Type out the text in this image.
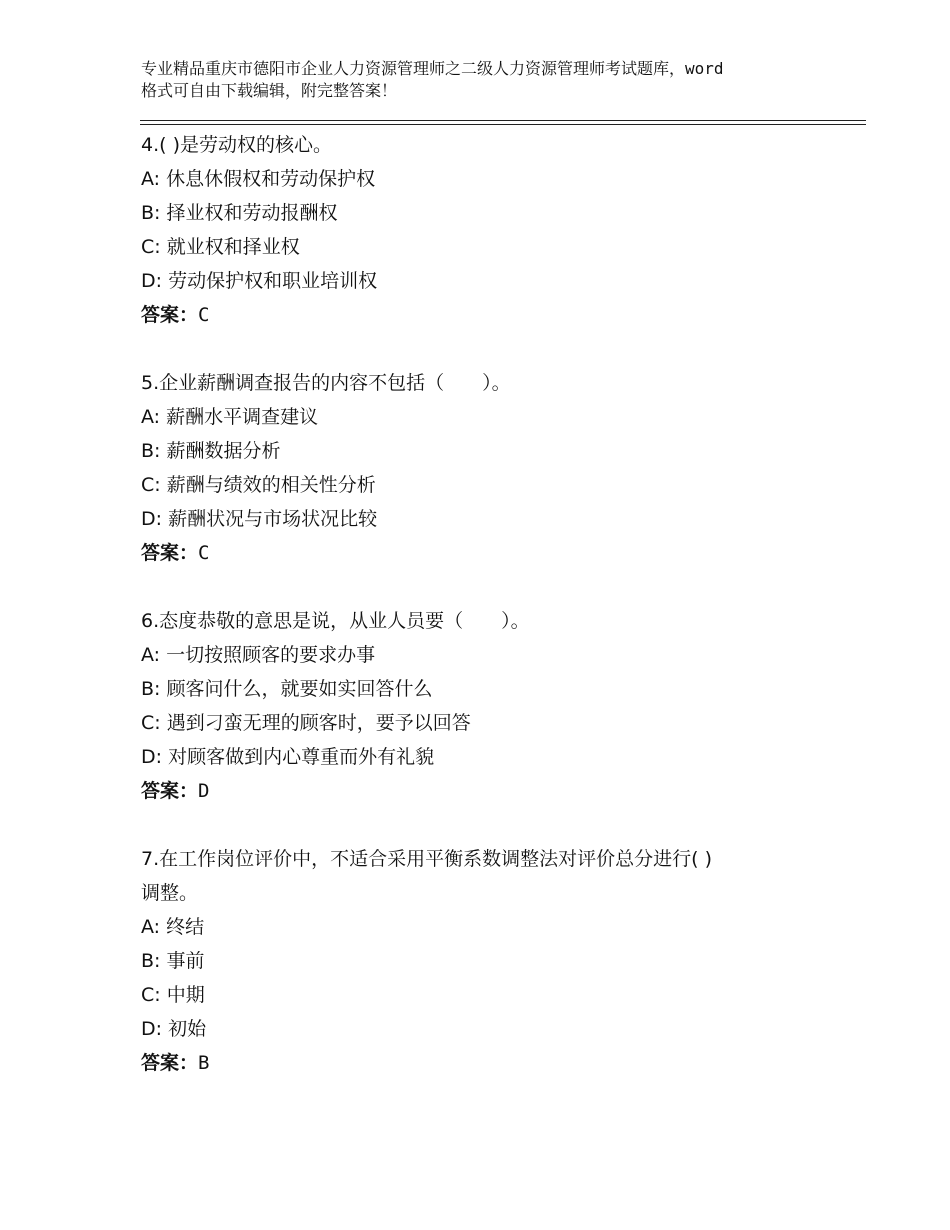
专业精品重庆市德阳市企业人力资源管理师之二级人力资源管理师考试题库，word
格式可自由下载编辑，附完整答案！
4.( )是劳动权的核心。
A: 休息休假权和劳动保护权
B: 择业权和劳动报酬权
C: 就业权和择业权
D: 劳动保护权和职业培训权
答案：C
5.企业薪酬调查报告的内容不包括（　　）。
A: 薪酬水平调查建议
B: 薪酬数据分析
C: 薪酬与绩效的相关性分析
D: 薪酬状况与市场状况比较
答案：C
6.态度恭敬的意思是说，从业人员要（　　）。
A: 一切按照顾客的要求办事
B: 顾客问什么，就要如实回答什么
C: 遇到刁蛮无理的顾客时，要予以回答
D: 对顾客做到内心尊重而外有礼貌
答案：D
7.在工作岗位评价中，不适合采用平衡系数调整法对评价总分进行( )
调整。
A: 终结
B: 事前
C: 中期
D: 初始
答案：B
